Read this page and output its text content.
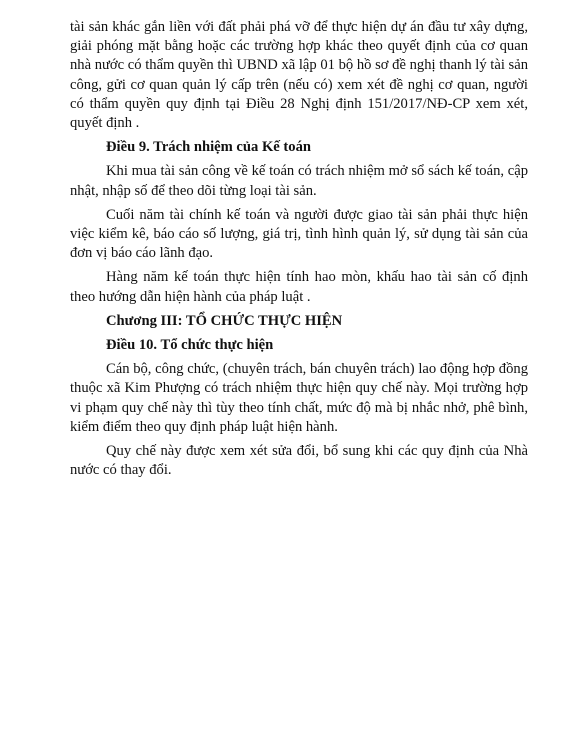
tài sản khác gắn liền với đất phải phá vỡ để thực hiện dự án đầu tư xây dựng, giải phóng mặt bằng hoặc các trường hợp khác theo quyết định của cơ quan nhà nước có thẩm quyền thì UBND xã lập 01 bộ hồ sơ đề nghị thanh lý tài sản công, gửi cơ quan quản lý cấp trên (nếu có) xem xét đề nghị cơ quan, người có thẩm quyền quy định tại Điều 28 Nghị định 151/2017/NĐ-CP xem xét, quyết định .

Điều 9. Trách nhiệm của Kế toán

Khi mua tài sản công về kế toán có trách nhiệm mở sổ sách kế toán, cập nhật, nhập số để theo dõi từng loại tài sản.

Cuối năm tài chính kế toán và người được giao tài sản phải thực hiện việc kiểm kê, báo cáo số lượng, giá trị, tình hình quản lý, sử dụng tài sản của đơn vị báo cáo lãnh đạo.

Hàng năm kế toán thực hiện tính hao mòn, khấu hao tài sản cố định theo hướng dẫn hiện hành của pháp luật .

Chương III: TỔ CHỨC THỰC HIỆN

Điều 10. Tổ chức thực hiện

Cán bộ, công chức, (chuyên trách, bán chuyên trách) lao động hợp đồng thuộc xã Kim Phượng có trách nhiệm thực hiện quy chế này. Mọi trường hợp vi phạm quy chế này thì tùy theo tính chất, mức độ mà bị nhắc nhở, phê bình, kiểm điểm theo quy định pháp luật hiện hành.

Quy chế này được xem xét sửa đổi, bổ sung khi các quy định của Nhà nước có thay đổi.
